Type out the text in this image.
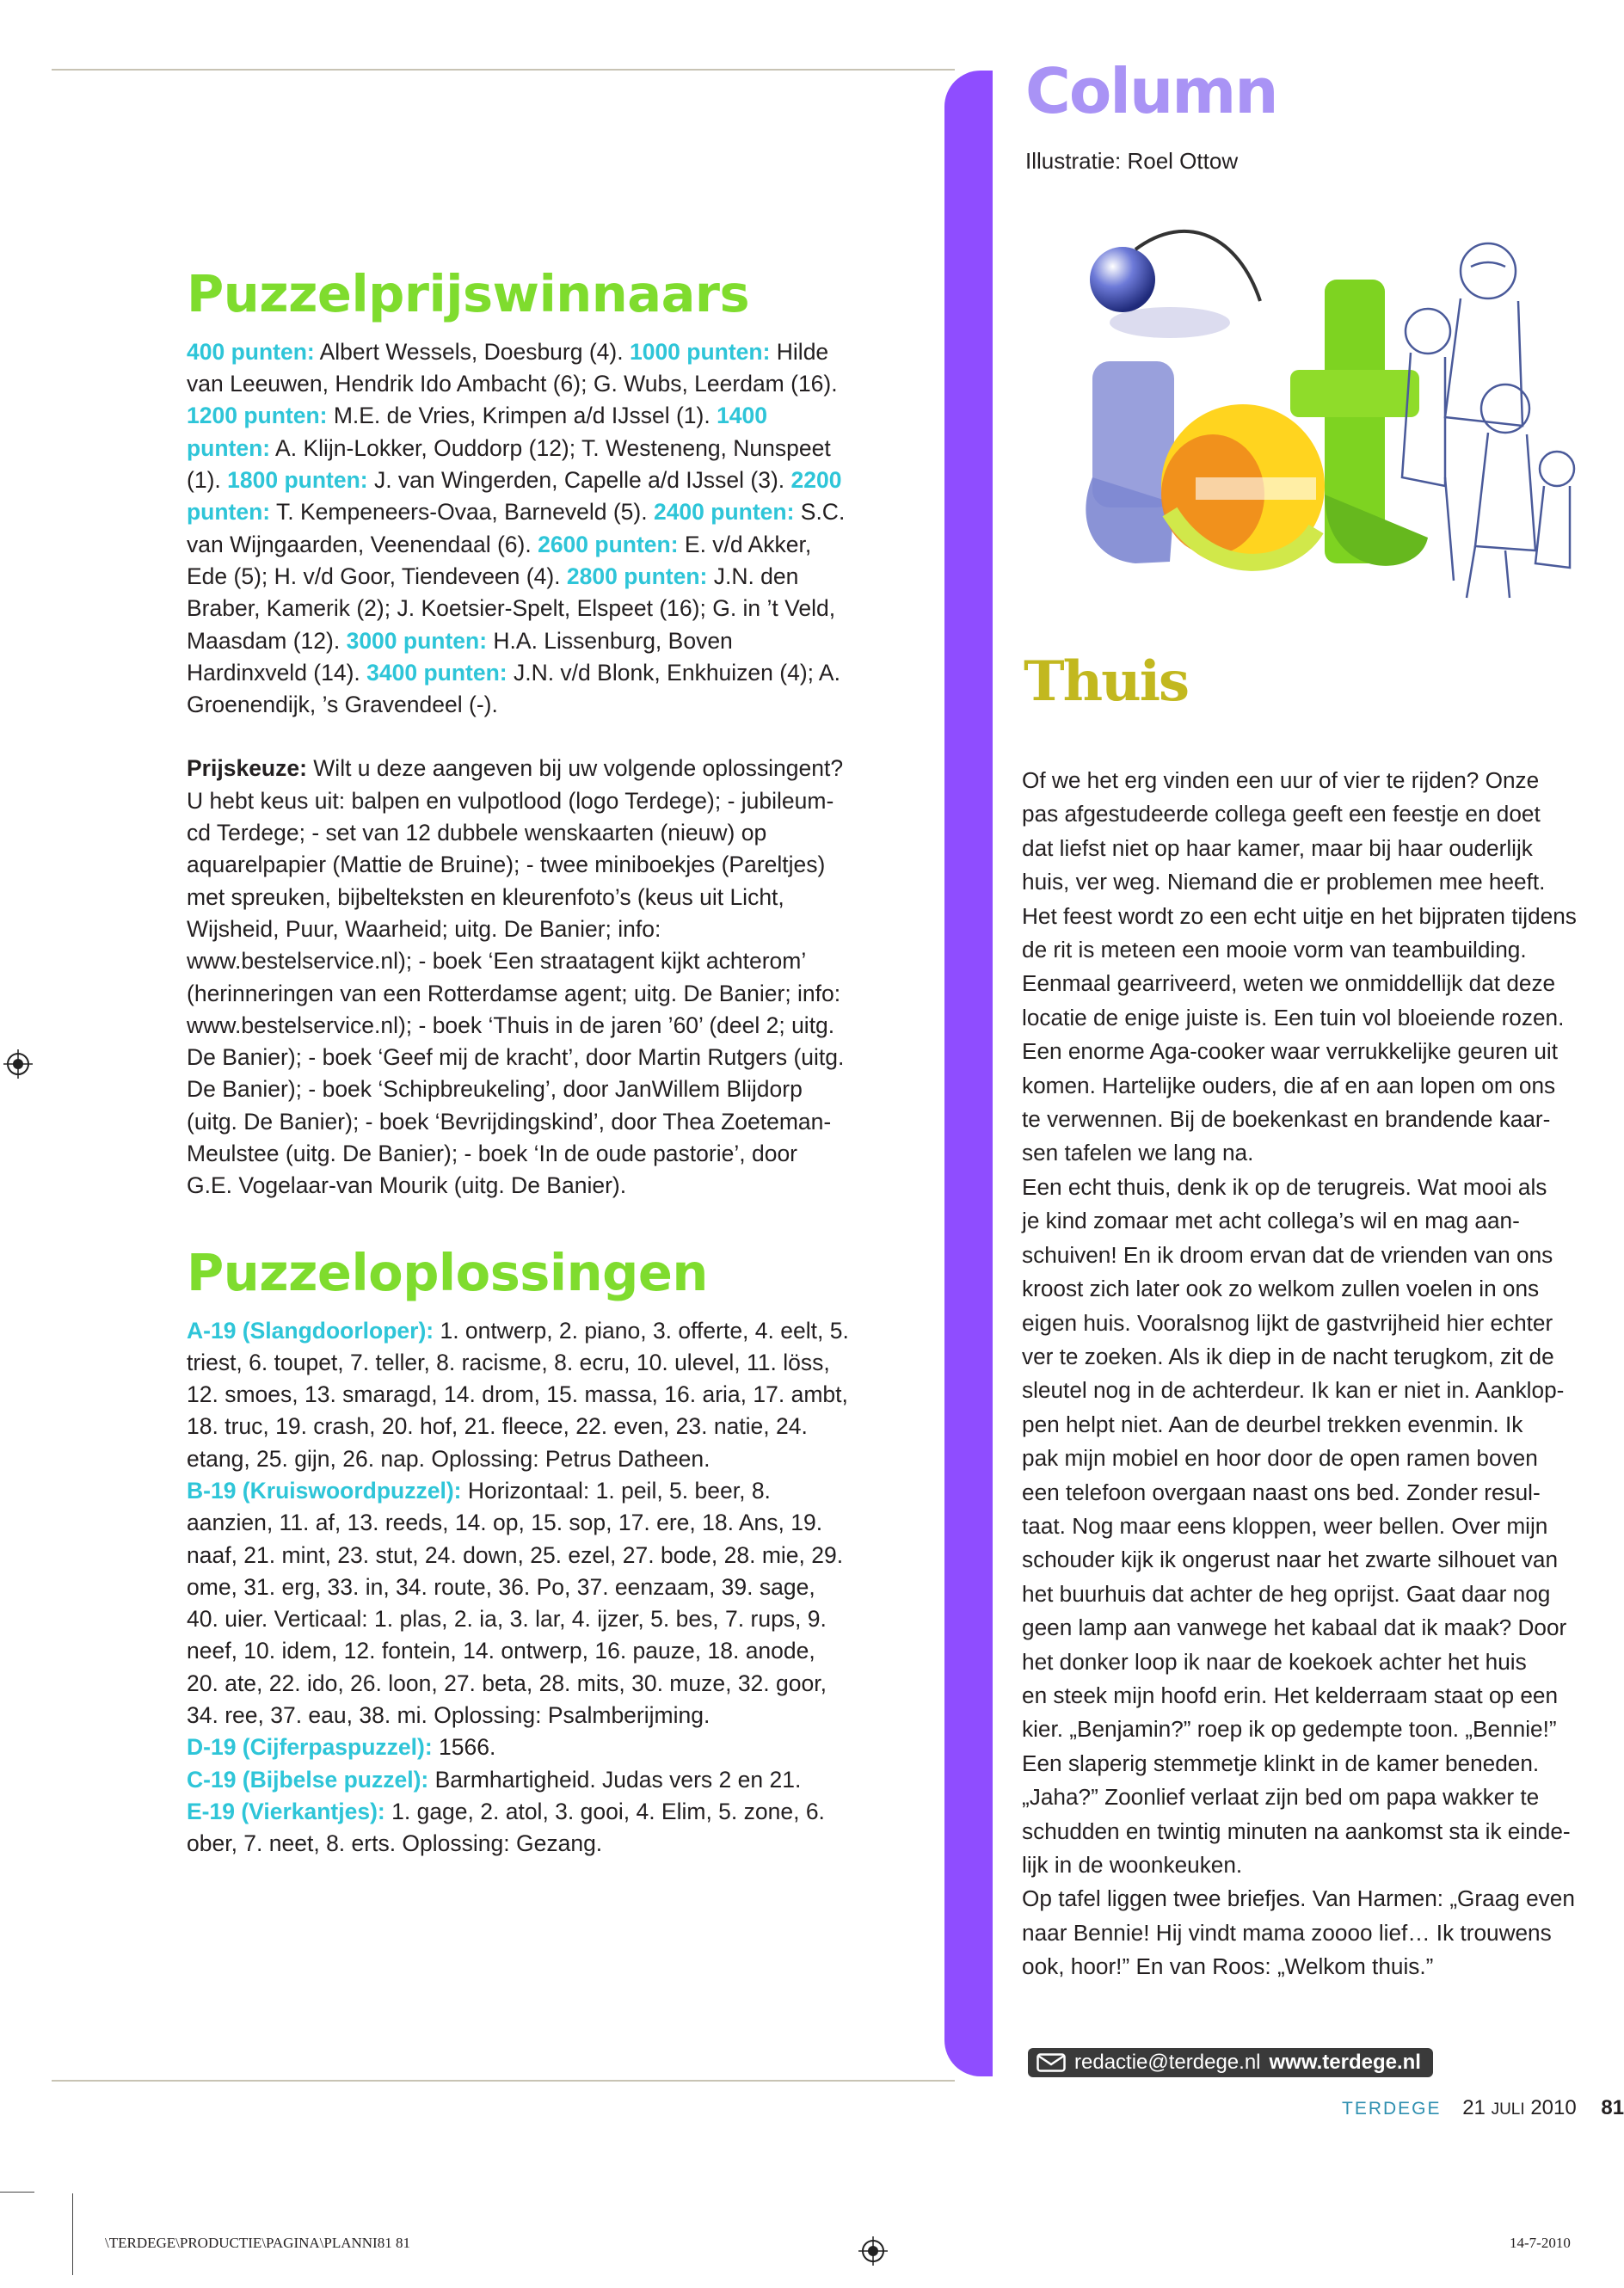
Puzzelprijswinnaars

400 punten: Albert Wessels, Doesburg (4). 1000 punten: Hilde van Leeuwen, Hendrik Ido Ambacht (6); G. Wubs, Leerdam (16). 1200 punten: M.E. de Vries, Krimpen a/d IJssel (1). 1400 punten: A. Klijn-Lokker, Ouddorp (12); T. Westeneng, Nunspeet (1). 1800 punten: J. van Wingerden, Capelle a/d IJssel (3). 2200 punten: T. Kempeneers-Ovaa, Barneveld (5). 2400 punten: S.C. van Wijngaarden, Veenendaal (6). 2600 punten: E. v/d Akker, Ede (5); H. v/d Goor, Tiendeveen (4). 2800 punten: J.N. den Braber, Kamerik (2); J. Koetsier-Spelt, Elspeet (16); G. in ’t Veld, Maasdam (12). 3000 punten: H.A. Lissenburg, Boven Hardinxveld (14). 3400 punten: J.N. v/d Blonk, Enkhuizen (4); A. Groenendijk, ’s Gravendeel (-).

Prijskeuze: Wilt u deze aangeven bij uw volgende oplossingent? U hebt keus uit: balpen en vulpotlood (logo Terdege); - jubileum-cd Terdege; - set van 12 dubbele wenskaarten (nieuw) op aquarelpapier (Mattie de Bruine); - twee miniboekjes (Pareltjes) met spreuken, bijbelteksten en kleurenfoto’s (keus uit Licht, Wijsheid, Puur, Waarheid; uitg. De Banier; info: www.bestelservice.nl); - boek ‘Een straatagent kijkt achterom’ (herinneringen van een Rotterdamse agent; uitg. De Banier; info: www.bestelservice.nl); - boek ‘Thuis in de jaren ’60’ (deel 2; uitg. De Banier); - boek ‘Geef mij de kracht’, door Martin Rutgers (uitg. De Banier); - boek ‘Schipbreukeling’, door JanWillem Blijdorp (uitg. De Banier); - boek ‘Bevrijdingskind’, door Thea Zoeteman-Meulstee (uitg. De Banier); - boek ‘In de oude pastorie’, door G.E. Vogelaar-van Mourik (uitg. De Banier).

Puzzeloplossingen

A-19 (Slangdoorloper): 1. ontwerp, 2. piano, 3. offerte, 4. eelt, 5. triest, 6. toupet, 7. teller, 8. racisme, 8. ecru, 10. ulevel, 11. löss, 12. smoes, 13. smaragd, 14. drom, 15. massa, 16. aria, 17. ambt, 18. truc, 19. crash, 20. hof, 21. fleece, 22. even, 23. natie, 24. etang, 25. gijn, 26. nap. Oplossing: Petrus Datheen.
B-19 (Kruiswoordpuzzel): Horizontaal: 1. peil, 5. beer, 8. aanzien, 11. af, 13. reeds, 14. op, 15. sop, 17. ere, 18. Ans, 19. naaf, 21. mint, 23. stut, 24. down, 25. ezel, 27. bode, 28. mie, 29. ome, 31. erg, 33. in, 34. route, 36. Po, 37. eenzaam, 39. sage, 40. uier. Verticaal: 1. plas, 2. ia, 3. lar, 4. ijzer, 5. bes, 7. rups, 9. neef, 10. idem, 12. fontein, 14. ontwerp, 16. pauze, 18. anode, 20. ate, 22. ido, 26. loon, 27. beta, 28. mits, 30. muze, 32. goor, 34. ree, 37. eau, 38. mi. Oplossing: Psalmberijming.
D-19 (Cijferpaspuzzel): 1566.
C-19 (Bijbelse puzzel): Barmhartigheid. Judas vers 2 en 21.
E-19 (Vierkantjes): 1. gage, 2. atol, 3. gooi, 4. Elim, 5. zone, 6. ober, 7. neet, 8. erts. Oplossing: Gezang.

Column
Illustratie: Roel Ottow
Thuis

Of we het erg vinden een uur of vier te rijden? Onze
pas afgestudeerde collega geeft een feestje en doet
dat liefst niet op haar kamer, maar bij haar ouderlijk
huis, ver weg. Niemand die er problemen mee heeft.
Het feest wordt zo een echt uitje en het bijpraten tijdens
de rit is meteen een mooie vorm van teambuilding.
Eenmaal gearriveerd, weten we onmiddellijk dat deze
locatie de enige juiste is. Een tuin vol bloeiende rozen.
Een enorme Aga-cooker waar verrukkelijke geuren uit
komen. Hartelijke ouders, die af en aan lopen om ons
te verwennen. Bij de boekenkast en brandende kaar-
sen tafelen we lang na.
Een echt thuis, denk ik op de terugreis. Wat mooi als
je kind zomaar met acht collega’s wil en mag aan-
schuiven! En ik droom ervan dat de vrienden van ons
kroost zich later ook zo welkom zullen voelen in ons
eigen huis. Vooralsnog lijkt de gastvrijheid hier echter
ver te zoeken. Als ik diep in de nacht terugkom, zit de
sleutel nog in de achterdeur. Ik kan er niet in. Aanklop-
pen helpt niet. Aan de deurbel trekken evenmin. Ik
pak mijn mobiel en hoor door de open ramen boven
een telefoon overgaan naast ons bed. Zonder resul-
taat. Nog maar eens kloppen, weer bellen. Over mijn
schouder kijk ik ongerust naar het zwarte silhouet van
het buurhuis dat achter de heg oprijst. Gaat daar nog
geen lamp aan vanwege het kabaal dat ik maak? Door
het donker loop ik naar de koekoek achter het huis
en steek mijn hoofd erin. Het kelderraam staat op een
kier. „Benjamin?” roep ik op gedempte toon. „Bennie!”
Een slaperig stemmetje klinkt in de kamer beneden.
„Jaha?” Zoonlief verlaat zijn bed om papa wakker te
schudden en twintig minuten na aankomst sta ik einde-
lijk in de woonkeuken.
Op tafel liggen twee briefjes. Van Harmen: „Graag even
naar Bennie! Hij vindt mama zoooo lief… Ik trouwens
ook, hoor!” En van Roos: „Welkom thuis.”

redactie@terdege.nl www.terdege.nl
TERDEGE 21 JULI 2010 81
\TERDEGE\PRODUCTIE\PAGINA\PLANNI81 81	14-7-2010
